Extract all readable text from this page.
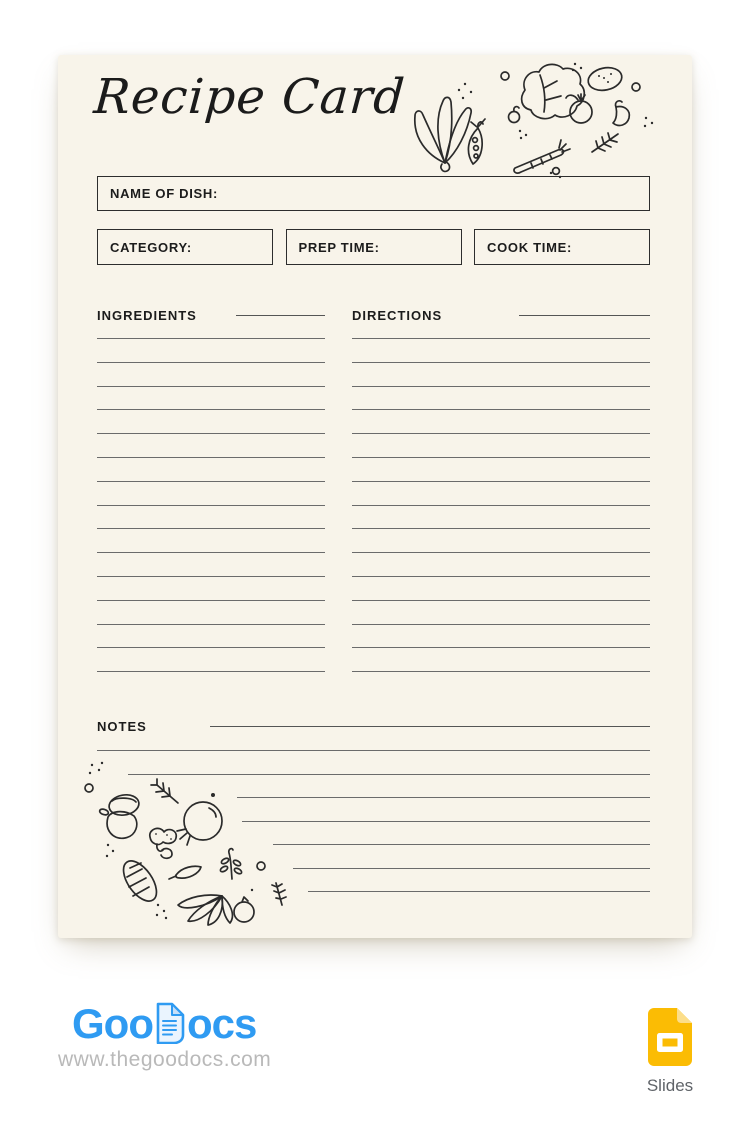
Recipe Card
NAME OF DISH:
CATEGORY:	PREP TIME:	COOK TIME:
INGREDIENTS	DIRECTIONS
NOTES
Goo ocs
www.thegoodocs.com
Slides
